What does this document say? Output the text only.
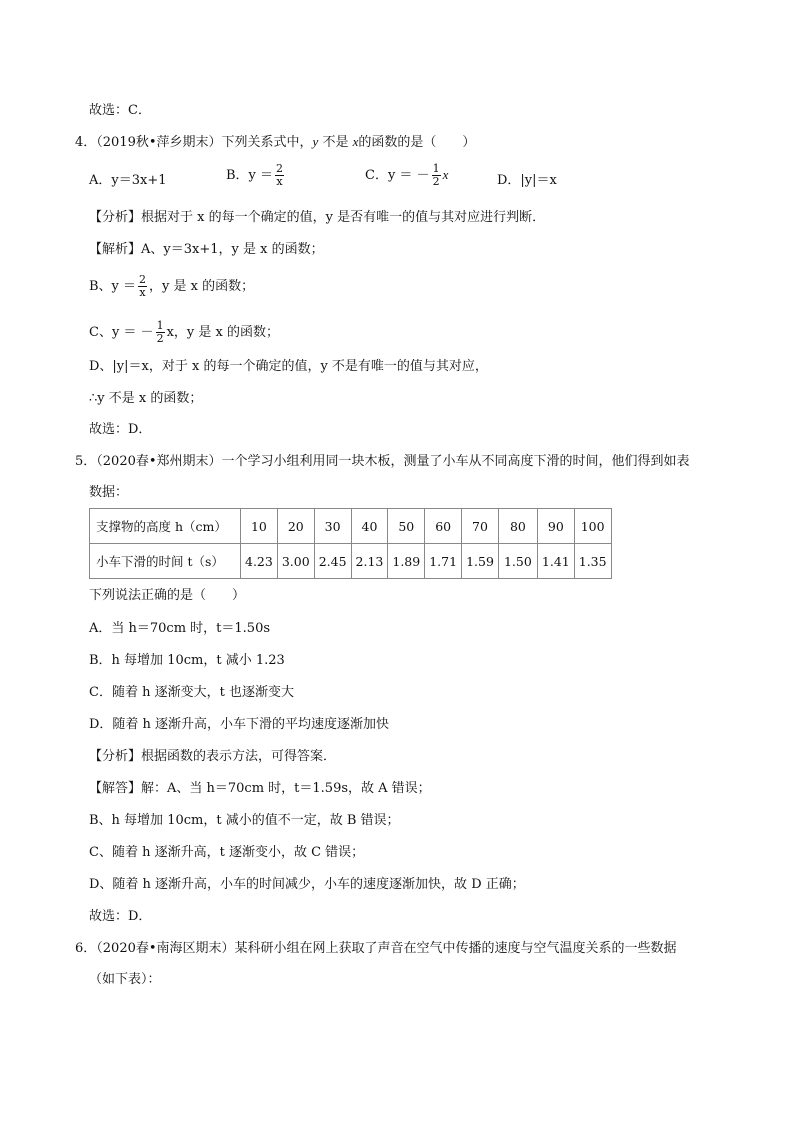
故选：C．
4．（2019秋•萍乡期末）下列关系式中，y 不是 x的函数的是（　　）
A．y＝3x+1	B．$y = \frac{2}{x}$	C．y ＝ － $\frac{1}{2}$ x	D．|y|＝x
【分析】根据对于 x 的每一个确定的值，y 是否有唯一的值与其对应进行判断．
【解析】A、y＝3x+1，y 是 x 的函数；
B、$y = \frac{2}{x}$ ，y 是 x 的函数；
C、y ＝ － $\frac{1}{2}$ x，y 是 x 的函数；
D、|y|＝x，对于 x 的每一个确定的值，y 不是有唯一的值与其对应，
∴y 不是 x 的函数；
故选：D．
5．（2020春•郑州期末）一个学习小组利用同一块木板，测量了小车从不同高度下滑的时间，他们得到如表
数据：
支撑物的高度 h（cm）	10	20	30	40	50	60	70	80	90	100
小车下滑的时间 t（s）	4.23	3.00	2.45	2.13	1.89	1.71	1.59	1.50	1.41	1.35
下列说法正确的是（　　）
A．当 h＝70cm 时，t＝1.50s
B．h 每增加 10cm，t 减小 1.23
C．随着 h 逐渐变大，t 也逐渐变大
D．随着 h 逐渐升高，小车下滑的平均速度逐渐加快
【分析】根据函数的表示方法，可得答案．
【解答】解：A、当 h＝70cm 时，t＝1.59s，故 A 错误；
B、h 每增加 10cm，t 减小的值不一定，故 B 错误；
C、随着 h 逐渐升高，t 逐渐变小，故 C 错误；
D、随着 h 逐渐升高，小车的时间减少，小车的速度逐渐加快，故 D 正确；
故选：D．
6．（2020春•南海区期末）某科研小组在网上获取了声音在空气中传播的速度与空气温度关系的一些数据
（如下表）：
